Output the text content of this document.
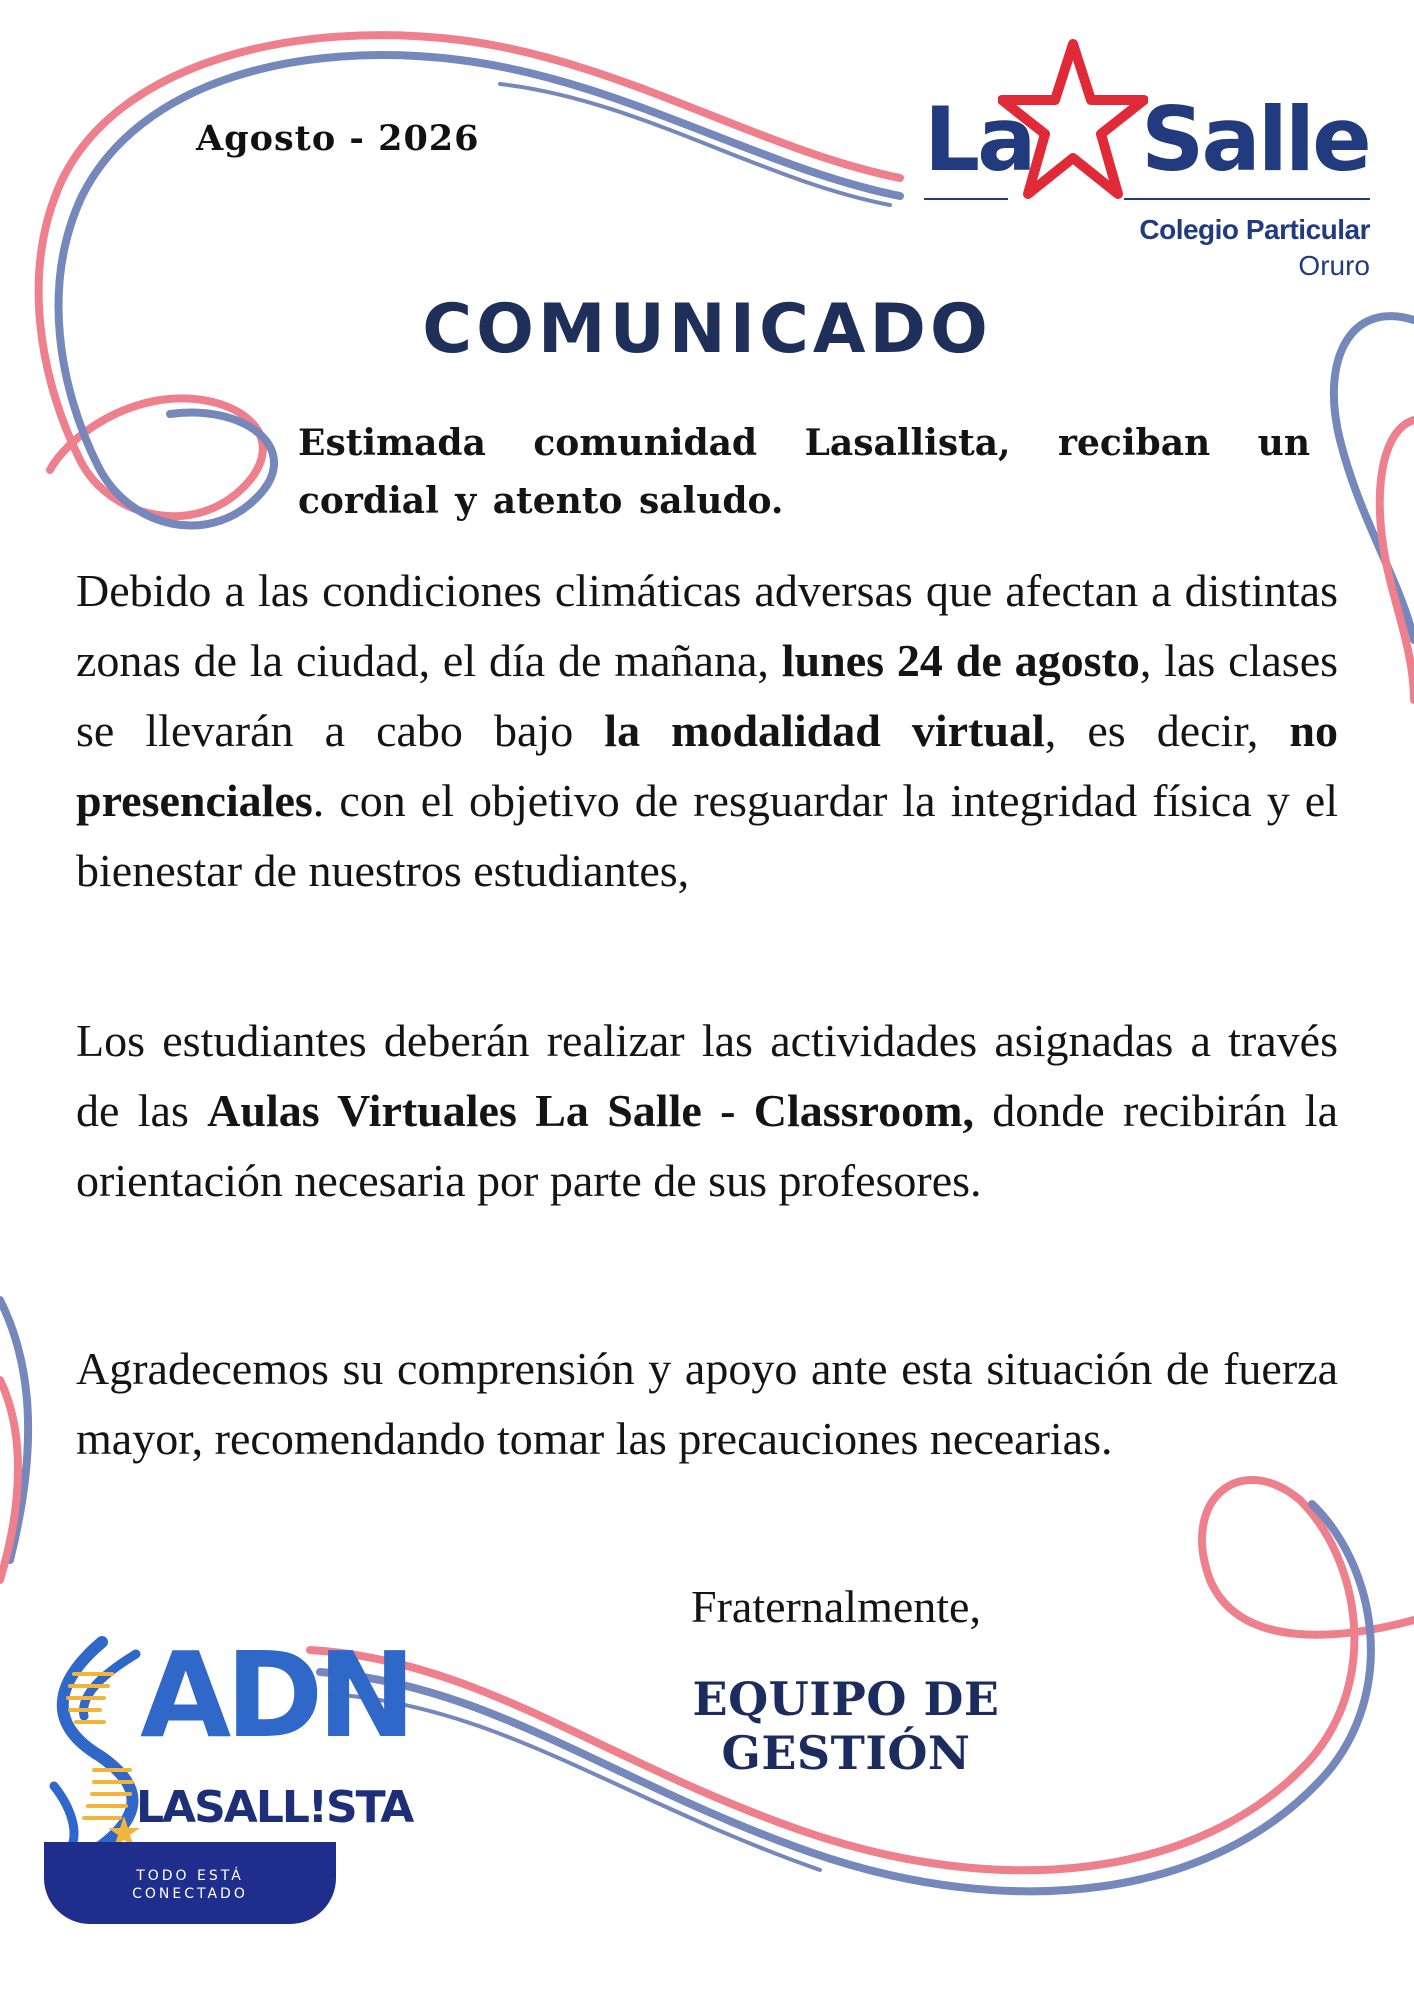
Agosto - 2026	La Salle
Colegio Particular
Oruro
COMUNICADO
Estimada comunidad Lasallista, reciban un cordial y atento saludo.

Debido a las condiciones climáticas adversas que afectan a distintas zonas de la ciudad, el día de mañana, lunes 24 de agosto, las clases se llevarán a cabo bajo la modalidad virtual, es decir, no presenciales. con el objetivo de resguardar la integridad física y el bienestar de nuestros estudiantes,

Los estudiantes deberán realizar las actividades asignadas a través de las Aulas Virtuales La Salle - Classroom, donde recibirán la orientación necesaria por parte de sus profesores.

Agradecemos su comprensión y apoyo ante esta situación de fuerza mayor, recomendando tomar las precauciones necearias.

Fraternalmente,
EQUIPO DE GESTIÓN
ADN
LASALL!STA
TODO ESTÁ
CONECTADO
